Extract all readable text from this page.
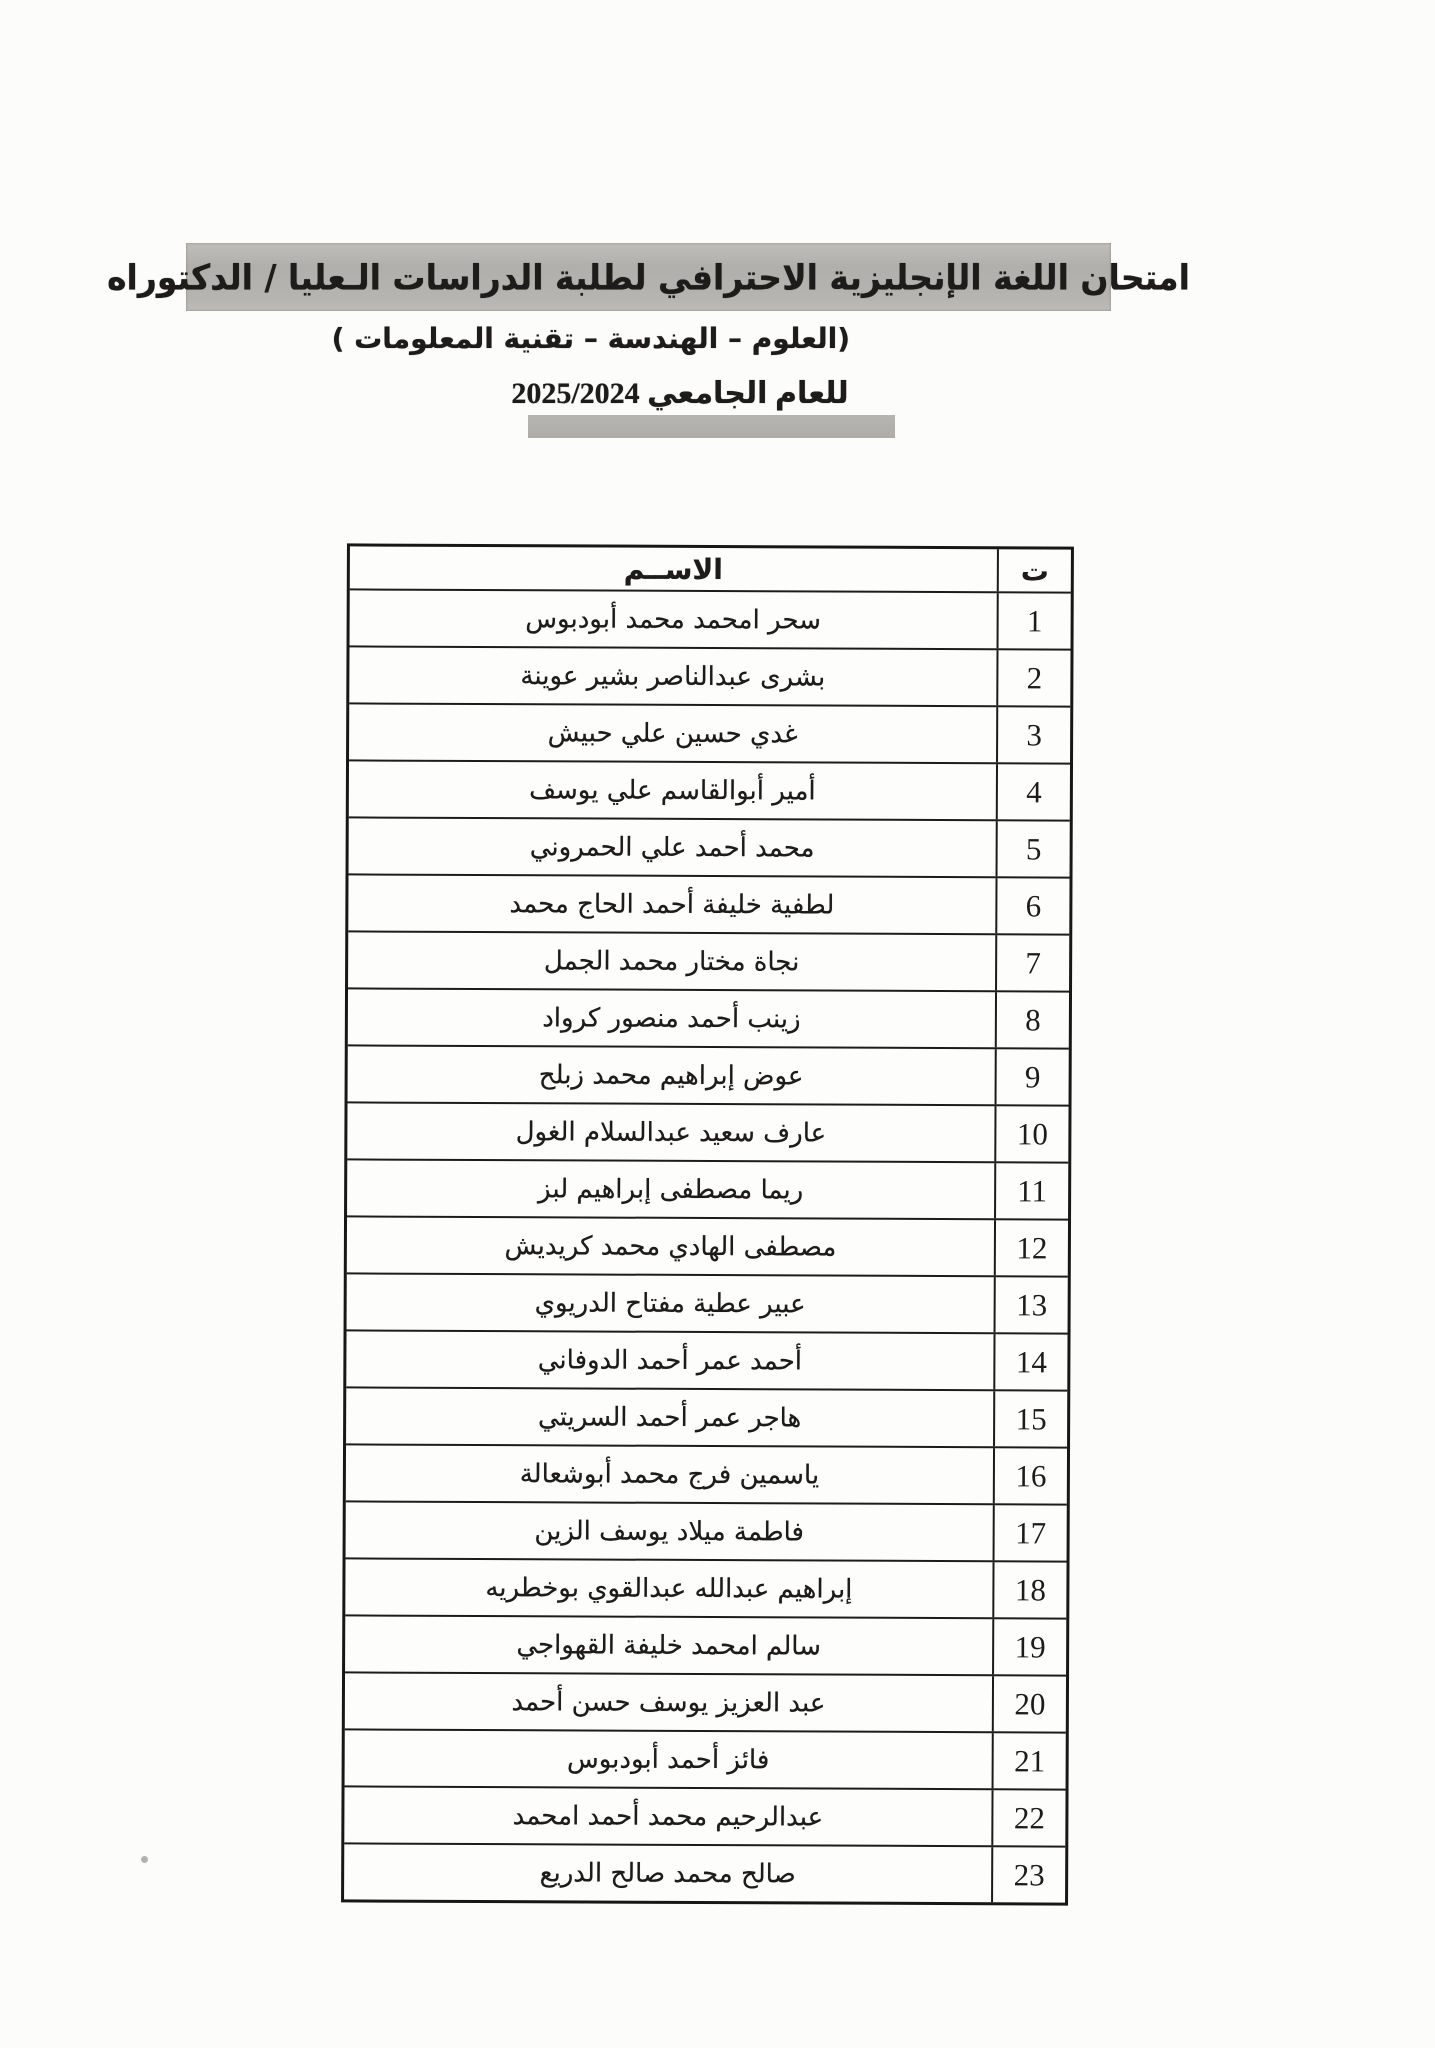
امتحان اللغة الإنجليزية الاحترافي لطلبة الدراسات الـعليا / الدكتوراه
(العلوم – الهندسة – تقنية المعلومات )
للعام الجامعي 2025/2024
ت
الاســم
1
سحر امحمد محمد أبودبوس
2
بشرى عبدالناصر بشير عوينة
3
غدي حسين علي حبيش
4
أمير أبوالقاسم علي يوسف
5
محمد أحمد علي الحمروني
6
لطفية خليفة أحمد الحاج محمد
7
نجاة مختار محمد الجمل
8
زينب أحمد منصور كرواد
9
عوض إبراهيم محمد زبلح
10
عارف سعيد عبدالسلام الغول
11
ريما مصطفى إبراهيم لبز
12
مصطفى الهادي محمد كريديش
13
عبير عطية مفتاح الدريوي
14
أحمد عمر أحمد الدوفاني
15
هاجر عمر أحمد السريتي
16
ياسمين فرج محمد أبوشعالة
17
فاطمة ميلاد يوسف الزين
18
إبراهيم عبدالله عبدالقوي بوخطريه
19
سالم امحمد خليفة القهواجي
20
عبد العزيز يوسف حسن أحمد
21
فائز أحمد أبودبوس
22
عبدالرحيم محمد أحمد امحمد
23
صالح محمد صالح الدريع
